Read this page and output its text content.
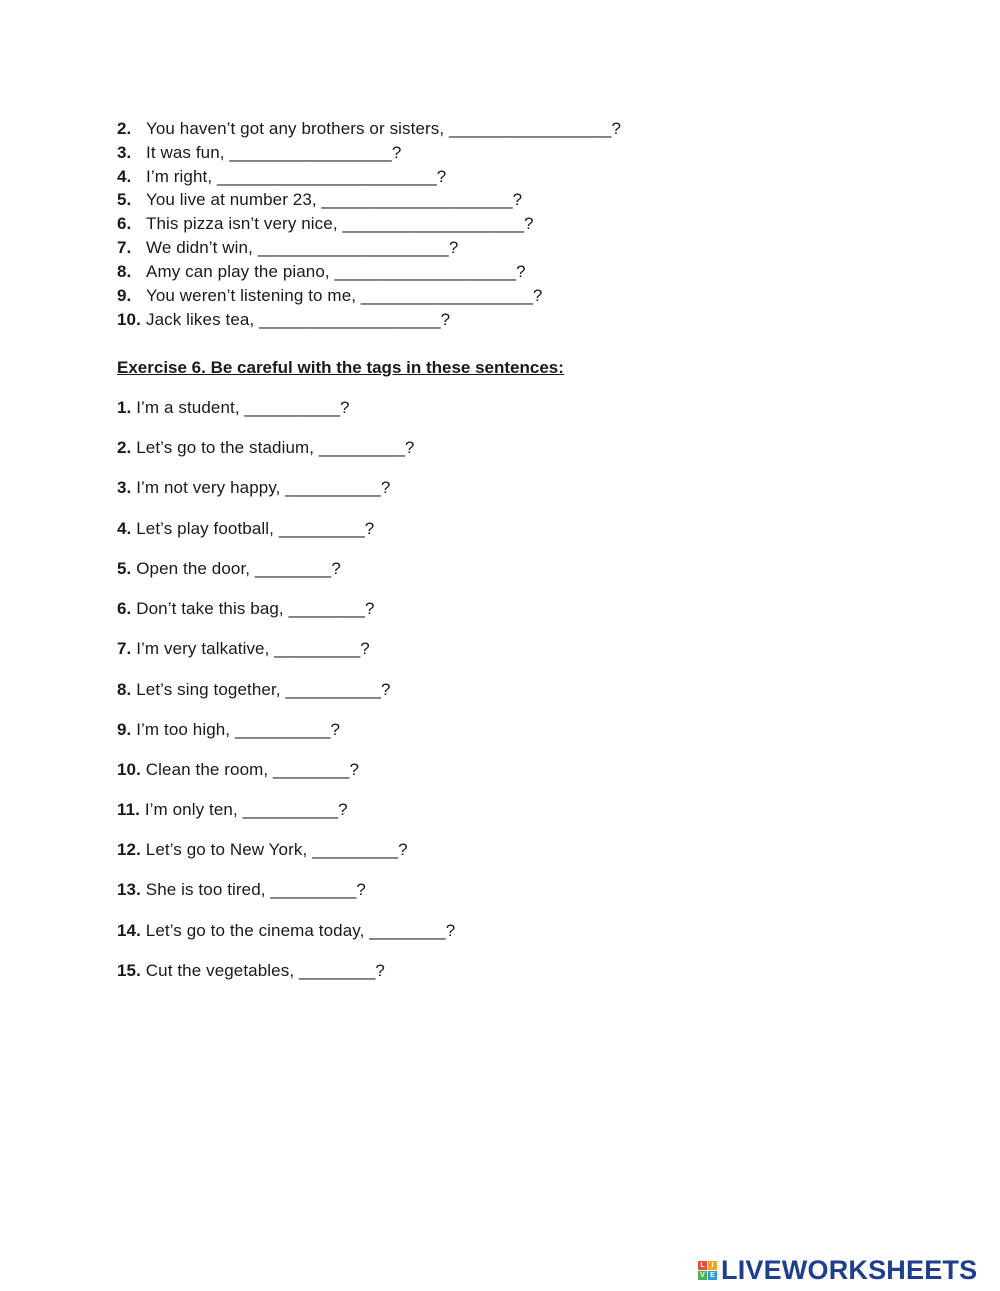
2. You haven’t got any brothers or sisters, _________________?
3. It was fun, _________________?
4. I’m right, _______________________?
5. You live at number 23, ____________________?
6. This pizza isn’t very nice, ___________________?
7. We didn’t win, ____________________?
8. Amy can play the piano, ___________________?
9. You weren’t listening to me, __________________?
10. Jack likes tea, ___________________?
Exercise 6. Be careful with the tags in these sentences:
1. I’m a student, __________?
2. Let’s go to the stadium, _________?
3. I’m not very happy, __________?
4. Let’s play football, _________?
5. Open the door, ________?
6. Don’t take this bag, ________?
7. I’m very talkative, _________?
8. Let’s sing together, __________?
9. I’m too high, __________?
10. Clean the room, ________?
11. I’m only ten, __________?
12. Let’s go to New York, _________?
13. She is too tired, _________?
14. Let’s go to the cinema today, ________?
15. Cut the vegetables, ________?
L I
V E LIVEWORKSHEETS
